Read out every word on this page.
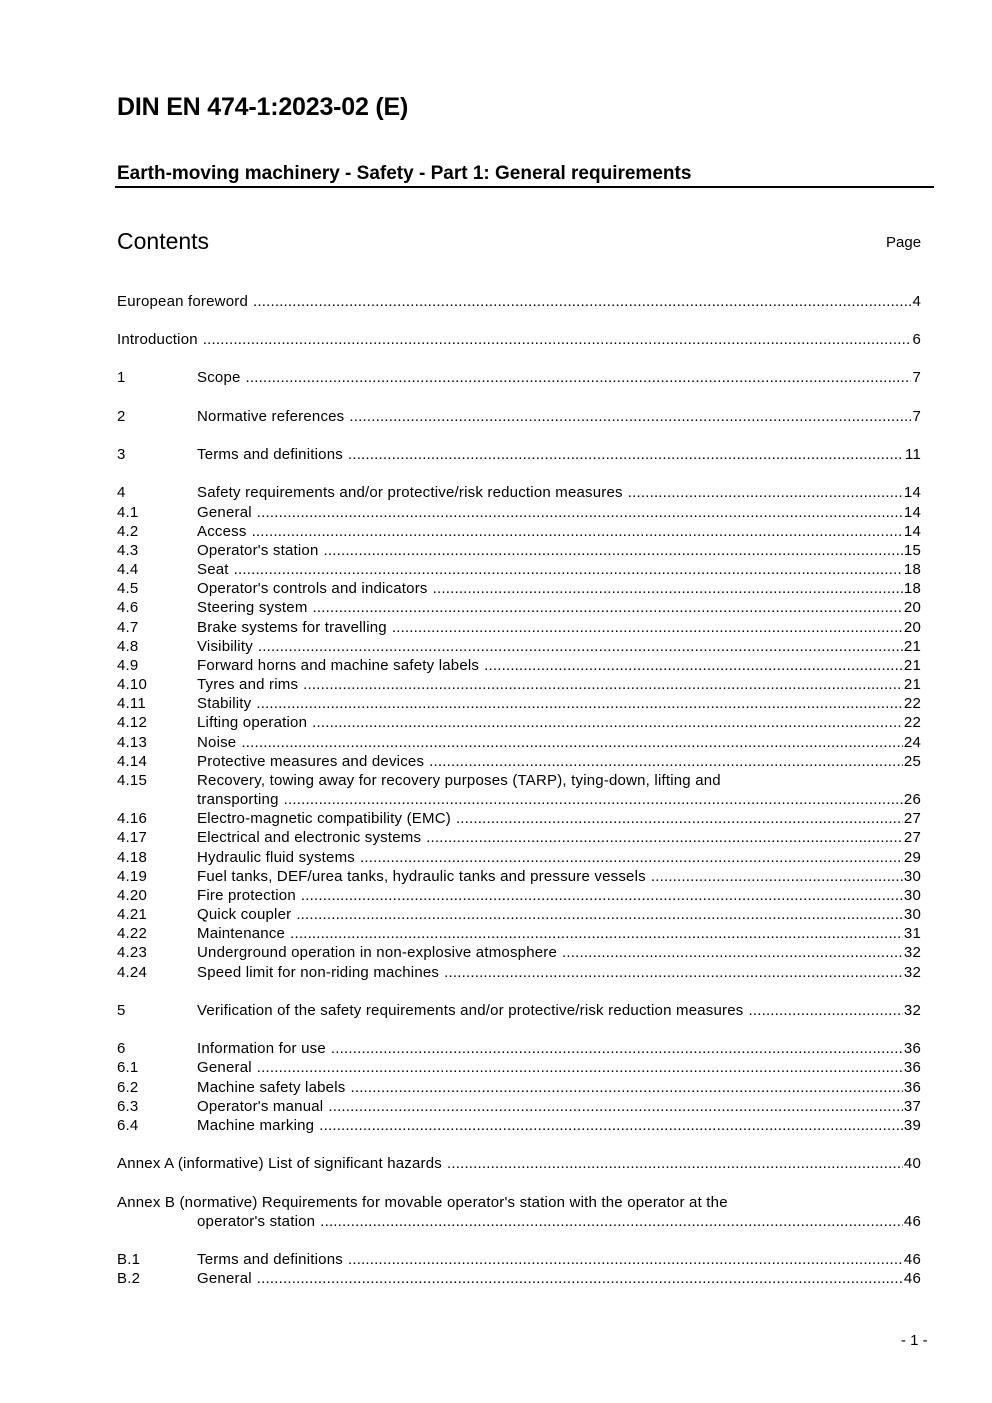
DIN EN 474-1:2023-02 (E)
Earth-moving machinery - Safety - Part 1: General requirements
Contents	Page
European foreword .....	4
Introduction .....	6
1	Scope .....	7
2	Normative references .....	7
3	Terms and definitions .....	11
4	Safety requirements and/or protective/risk reduction measures .....	14
4.1	General .....	14
4.2	Access .....	14
4.3	Operator's station .....	15
4.4	Seat .....	18
4.5	Operator's controls and indicators .....	18
4.6	Steering system .....	20
4.7	Brake systems for travelling .....	20
4.8	Visibility .....	21
4.9	Forward horns and machine safety labels .....	21
4.10	Tyres and rims .....	21
4.11	Stability .....	22
4.12	Lifting operation .....	22
4.13	Noise .....	24
4.14	Protective measures and devices .....	25
4.15	Recovery, towing away for recovery purposes (TARP), tying-down, lifting and
transporting .....	26
4.16	Electro-magnetic compatibility (EMC) .....	27
4.17	Electrical and electronic systems .....	27
4.18	Hydraulic fluid systems .....	29
4.19	Fuel tanks, DEF/urea tanks, hydraulic tanks and pressure vessels .....	30
4.20	Fire protection .....	30
4.21	Quick coupler .....	30
4.22	Maintenance .....	31
4.23	Underground operation in non-explosive atmosphere .....	32
4.24	Speed limit for non-riding machines .....	32
5	Verification of the safety requirements and/or protective/risk reduction measures .....	32
6	Information for use .....	36
6.1	General .....	36
6.2	Machine safety labels .....	36
6.3	Operator's manual .....	37
6.4	Machine marking .....	39
Annex A (informative) List of significant hazards .....	40
Annex B (normative) Requirements for movable operator's station with the operator at the
operator's station .....	46
B.1	Terms and definitions .....	46
B.2	General .....	46
- 1 -
